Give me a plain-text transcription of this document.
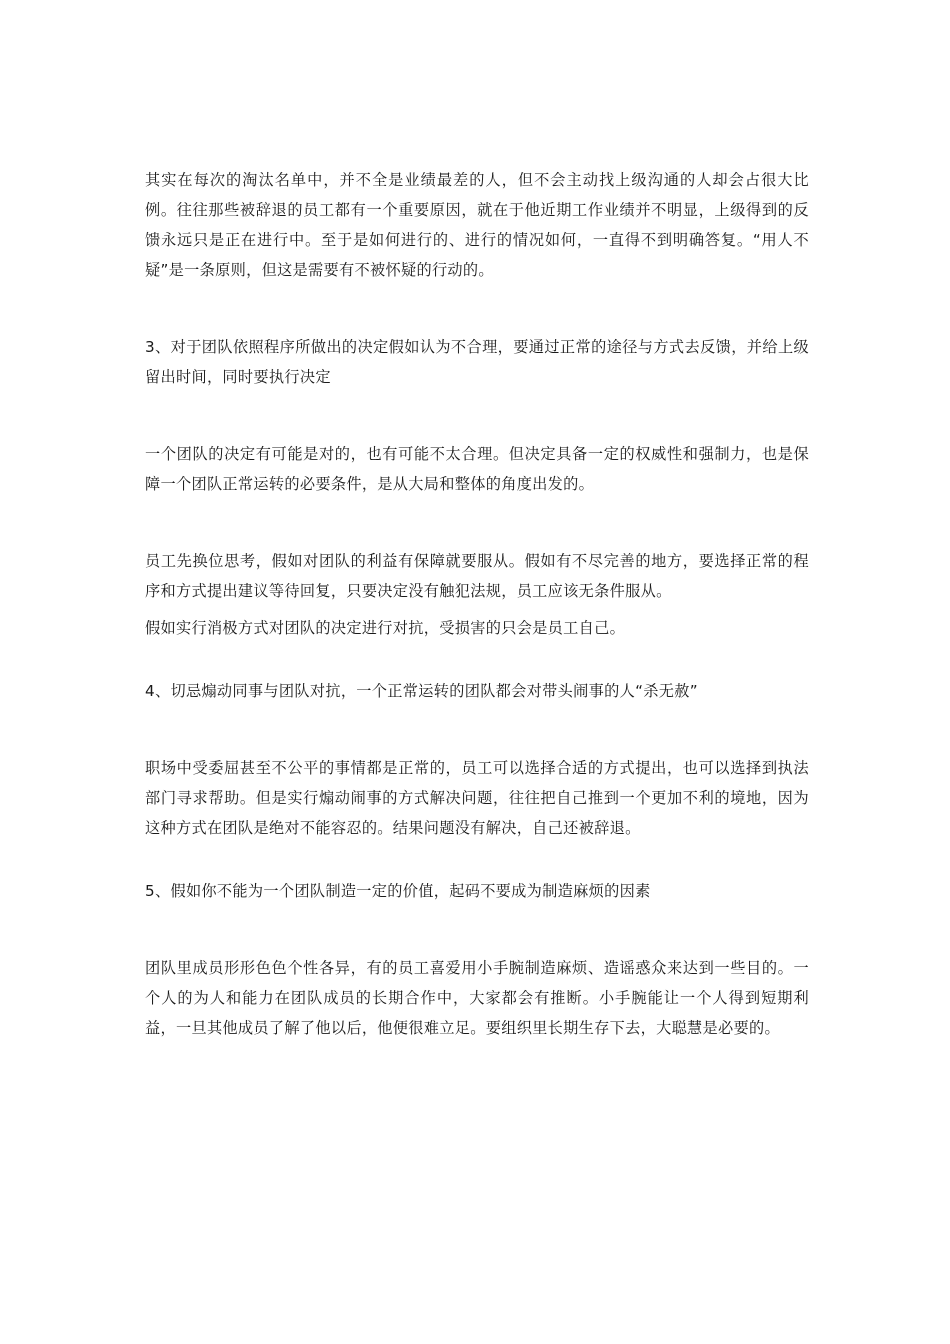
其实在每次的淘汰名单中，并不全是业绩最差的人，但不会主动找上级沟通的人却会占很大比例。往往那些被辞退的员工都有一个重要原因，就在于他近期工作业绩并不明显，上级得到的反馈永远只是正在进行中。至于是如何进行的、进行的情况如何，一直得不到明确答复。“用人不疑”是一条原则，但这是需要有不被怀疑的行动的。

3、对于团队依照程序所做出的决定假如认为不合理，要通过正常的途径与方式去反馈，并给上级留出时间，同时要执行决定

一个团队的决定有可能是对的，也有可能不太合理。但决定具备一定的权威性和强制力，也是保障一个团队正常运转的必要条件，是从大局和整体的角度出发的。

员工先换位思考，假如对团队的利益有保障就要服从。假如有不尽完善的地方，要选择正常的程序和方式提出建议等待回复，只要决定没有触犯法规，员工应该无条件服从。

假如实行消极方式对团队的决定进行对抗，受损害的只会是员工自己。

4、切忌煽动同事与团队对抗，一个正常运转的团队都会对带头闹事的人“杀无赦”

职场中受委屈甚至不公平的事情都是正常的，员工可以选择合适的方式提出，也可以选择到执法部门寻求帮助。但是实行煽动闹事的方式解决问题，往往把自己推到一个更加不利的境地，因为这种方式在团队是绝对不能容忍的。结果问题没有解决，自己还被辞退。

5、假如你不能为一个团队制造一定的价值，起码不要成为制造麻烦的因素

团队里成员形形色色个性各异，有的员工喜爱用小手腕制造麻烦、造谣惑众来达到一些目的。一个人的为人和能力在团队成员的长期合作中，大家都会有推断。小手腕能让一个人得到短期利益，一旦其他成员了解了他以后，他便很难立足。要组织里长期生存下去，大聪慧是必要的。
